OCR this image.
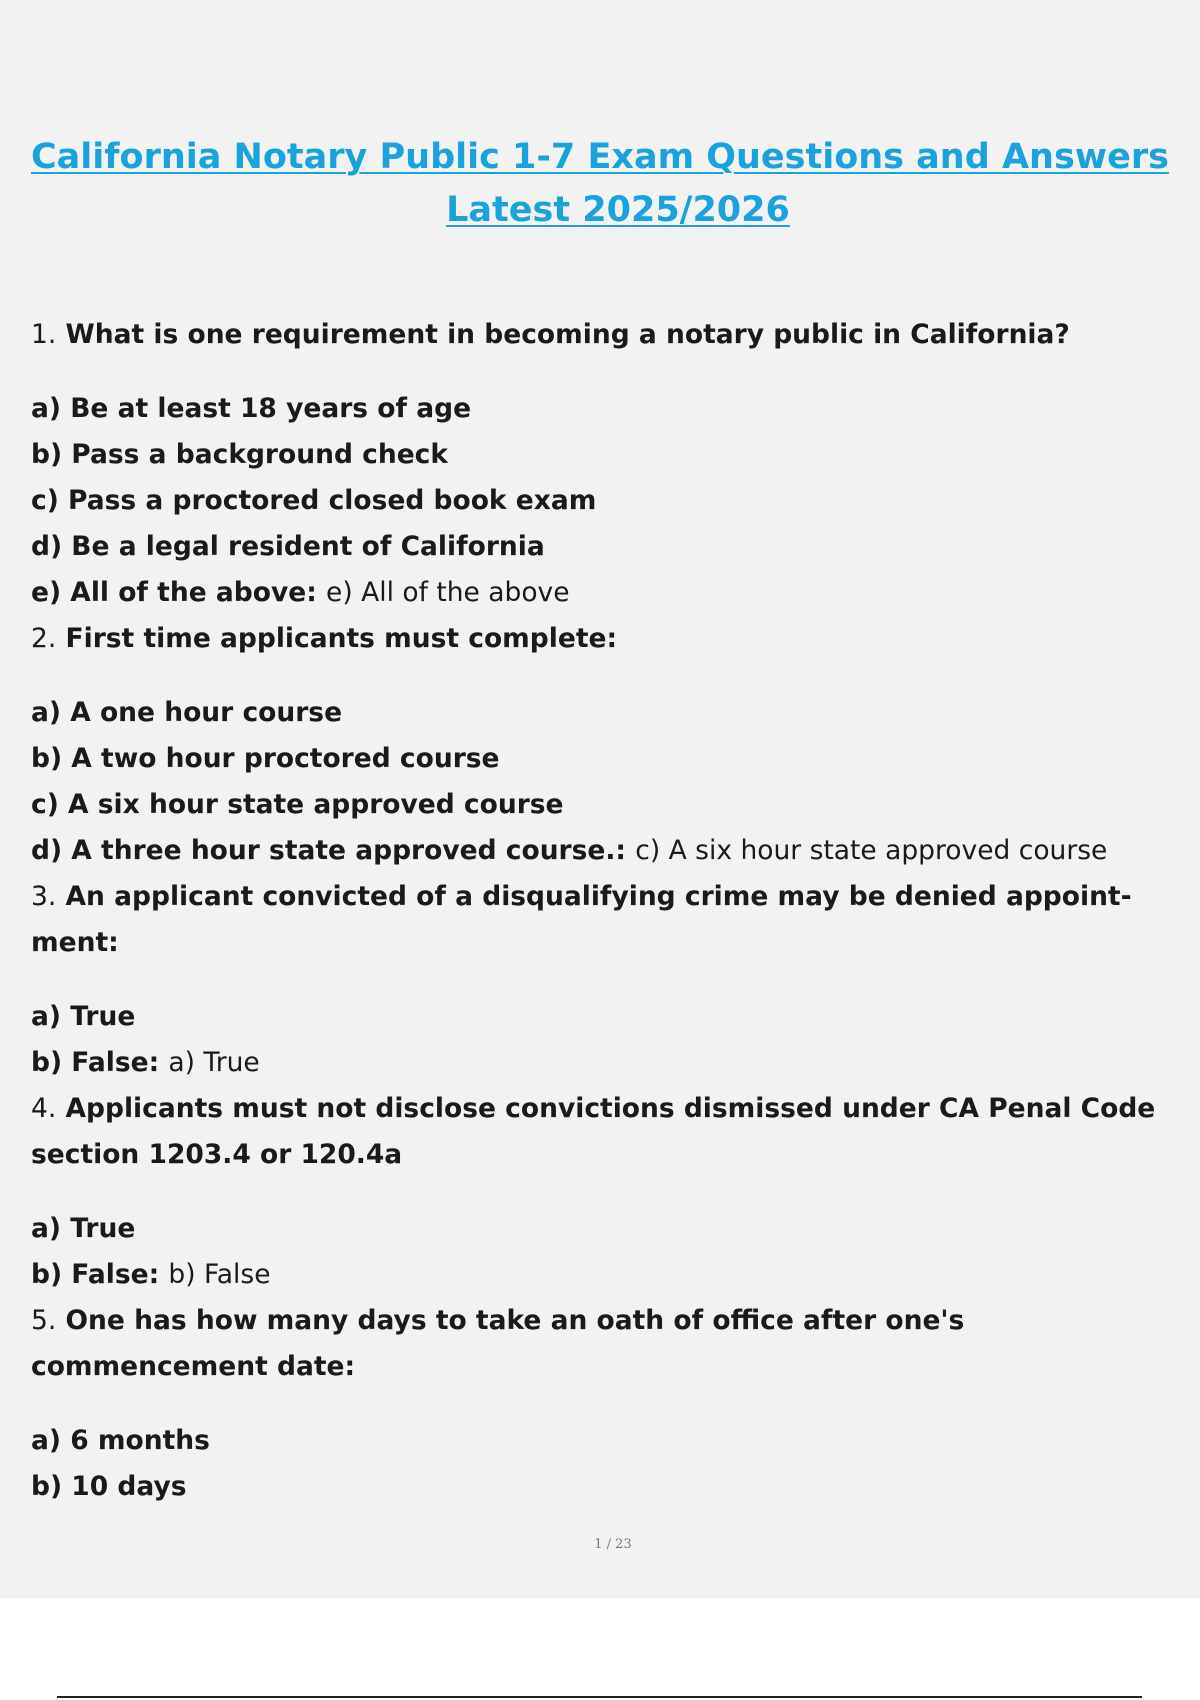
California Notary Public 1-7 Exam Questions and Answers
Latest 2025/2026
1. What is one requirement in becoming a notary public in California?
a) Be at least 18 years of age
b) Pass a background check
c) Pass a proctored closed book exam
d) Be a legal resident of California
e) All of the above: e) All of the above
2. First time applicants must complete:
a) A one hour course
b) A two hour proctored course
c) A six hour state approved course
d) A three hour state approved course.: c) A six hour state approved course
3. An applicant convicted of a disqualifying crime may be denied appoint-ment:
a) True
b) False: a) True
4. Applicants must not disclose convictions dismissed under CA Penal Code section 1203.4 or 120.4a
a) True
b) False: b) False
5. One has how many days to take an oath of office after one's commencement date:
a) 6 months
b) 10 days
1 / 23
